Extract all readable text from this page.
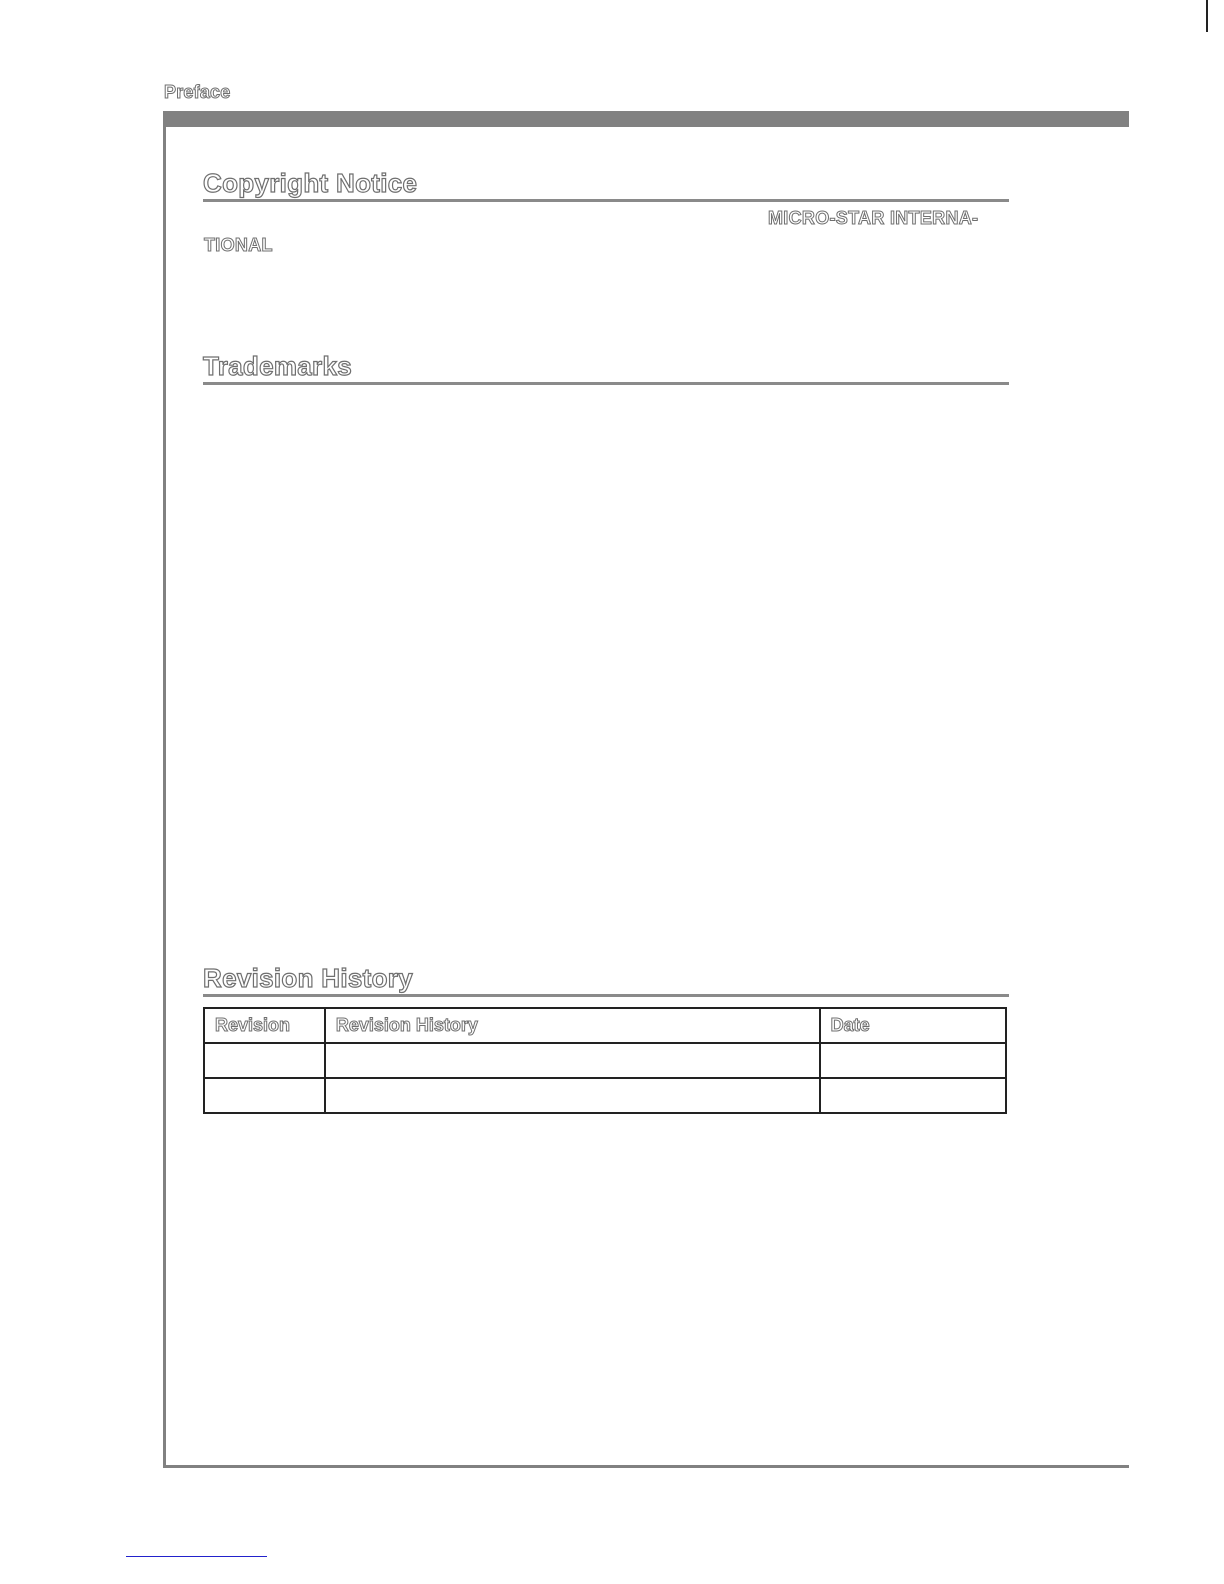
Preface
Copyright Notice
MICRO-STAR INTERNA-
TIONAL
Trademarks
Revision History
Revision	Revision History	Date
